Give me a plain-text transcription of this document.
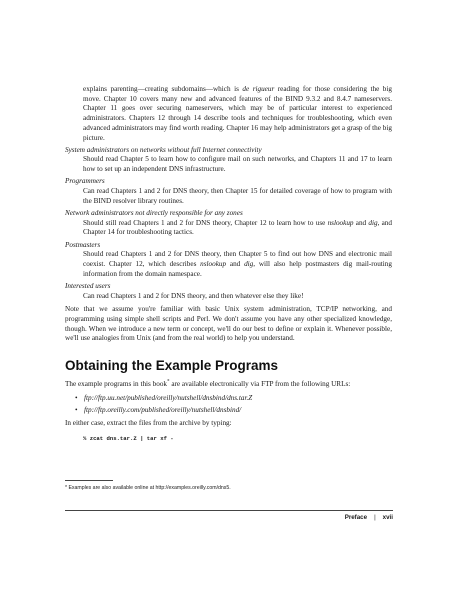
explains parenting—creating subdomains—which is de rigueur reading for those considering the big move. Chapter 10 covers many new and advanced features of the BIND 9.3.2 and 8.4.7 nameservers. Chapter 11 goes over securing nameservers, which may be of particular interest to experienced administrators. Chapters 12 through 14 describe tools and techniques for troubleshooting, which even advanced administrators may find worth reading. Chapter 16 may help administrators get a grasp of the big picture.

System administrators on networks without full Internet connectivity

Should read Chapter 5 to learn how to configure mail on such networks, and Chapters 11 and 17 to learn how to set up an independent DNS infrastructure.

Programmers

Can read Chapters 1 and 2 for DNS theory, then Chapter 15 for detailed coverage of how to program with the BIND resolver library routines.

Network administrators not directly responsible for any zones

Should still read Chapters 1 and 2 for DNS theory, Chapter 12 to learn how to use nslookup and dig, and Chapter 14 for troubleshooting tactics.

Postmasters

Should read Chapters 1 and 2 for DNS theory, then Chapter 5 to find out how DNS and electronic mail coexist. Chapter 12, which describes nslookup and dig, will also help postmasters dig mail-routing information from the domain namespace.

Interested users

Can read Chapters 1 and 2 for DNS theory, and then whatever else they like!

Note that we assume you're familiar with basic Unix system administration, TCP/IP networking, and programming using simple shell scripts and Perl. We don't assume you have any other specialized knowledge, though. When we introduce a new term or concept, we'll do our best to define or explain it. Whenever possible, we'll use analogies from Unix (and from the real world) to help you understand.

Obtaining the Example Programs

The example programs in this book* are available electronically via FTP from the following URLs:

• ftp://ftp.uu.net/published/oreilly/nutshell/dnsbind/dns.tar.Z
• ftp://ftp.oreilly.com/published/oreilly/nutshell/dnsbind/

In either case, extract the files from the archive by typing:

% zcat dns.tar.Z | tar xf -
* Examples are also available online at http://examples.oreilly.com/dns5.
Preface | xvii
